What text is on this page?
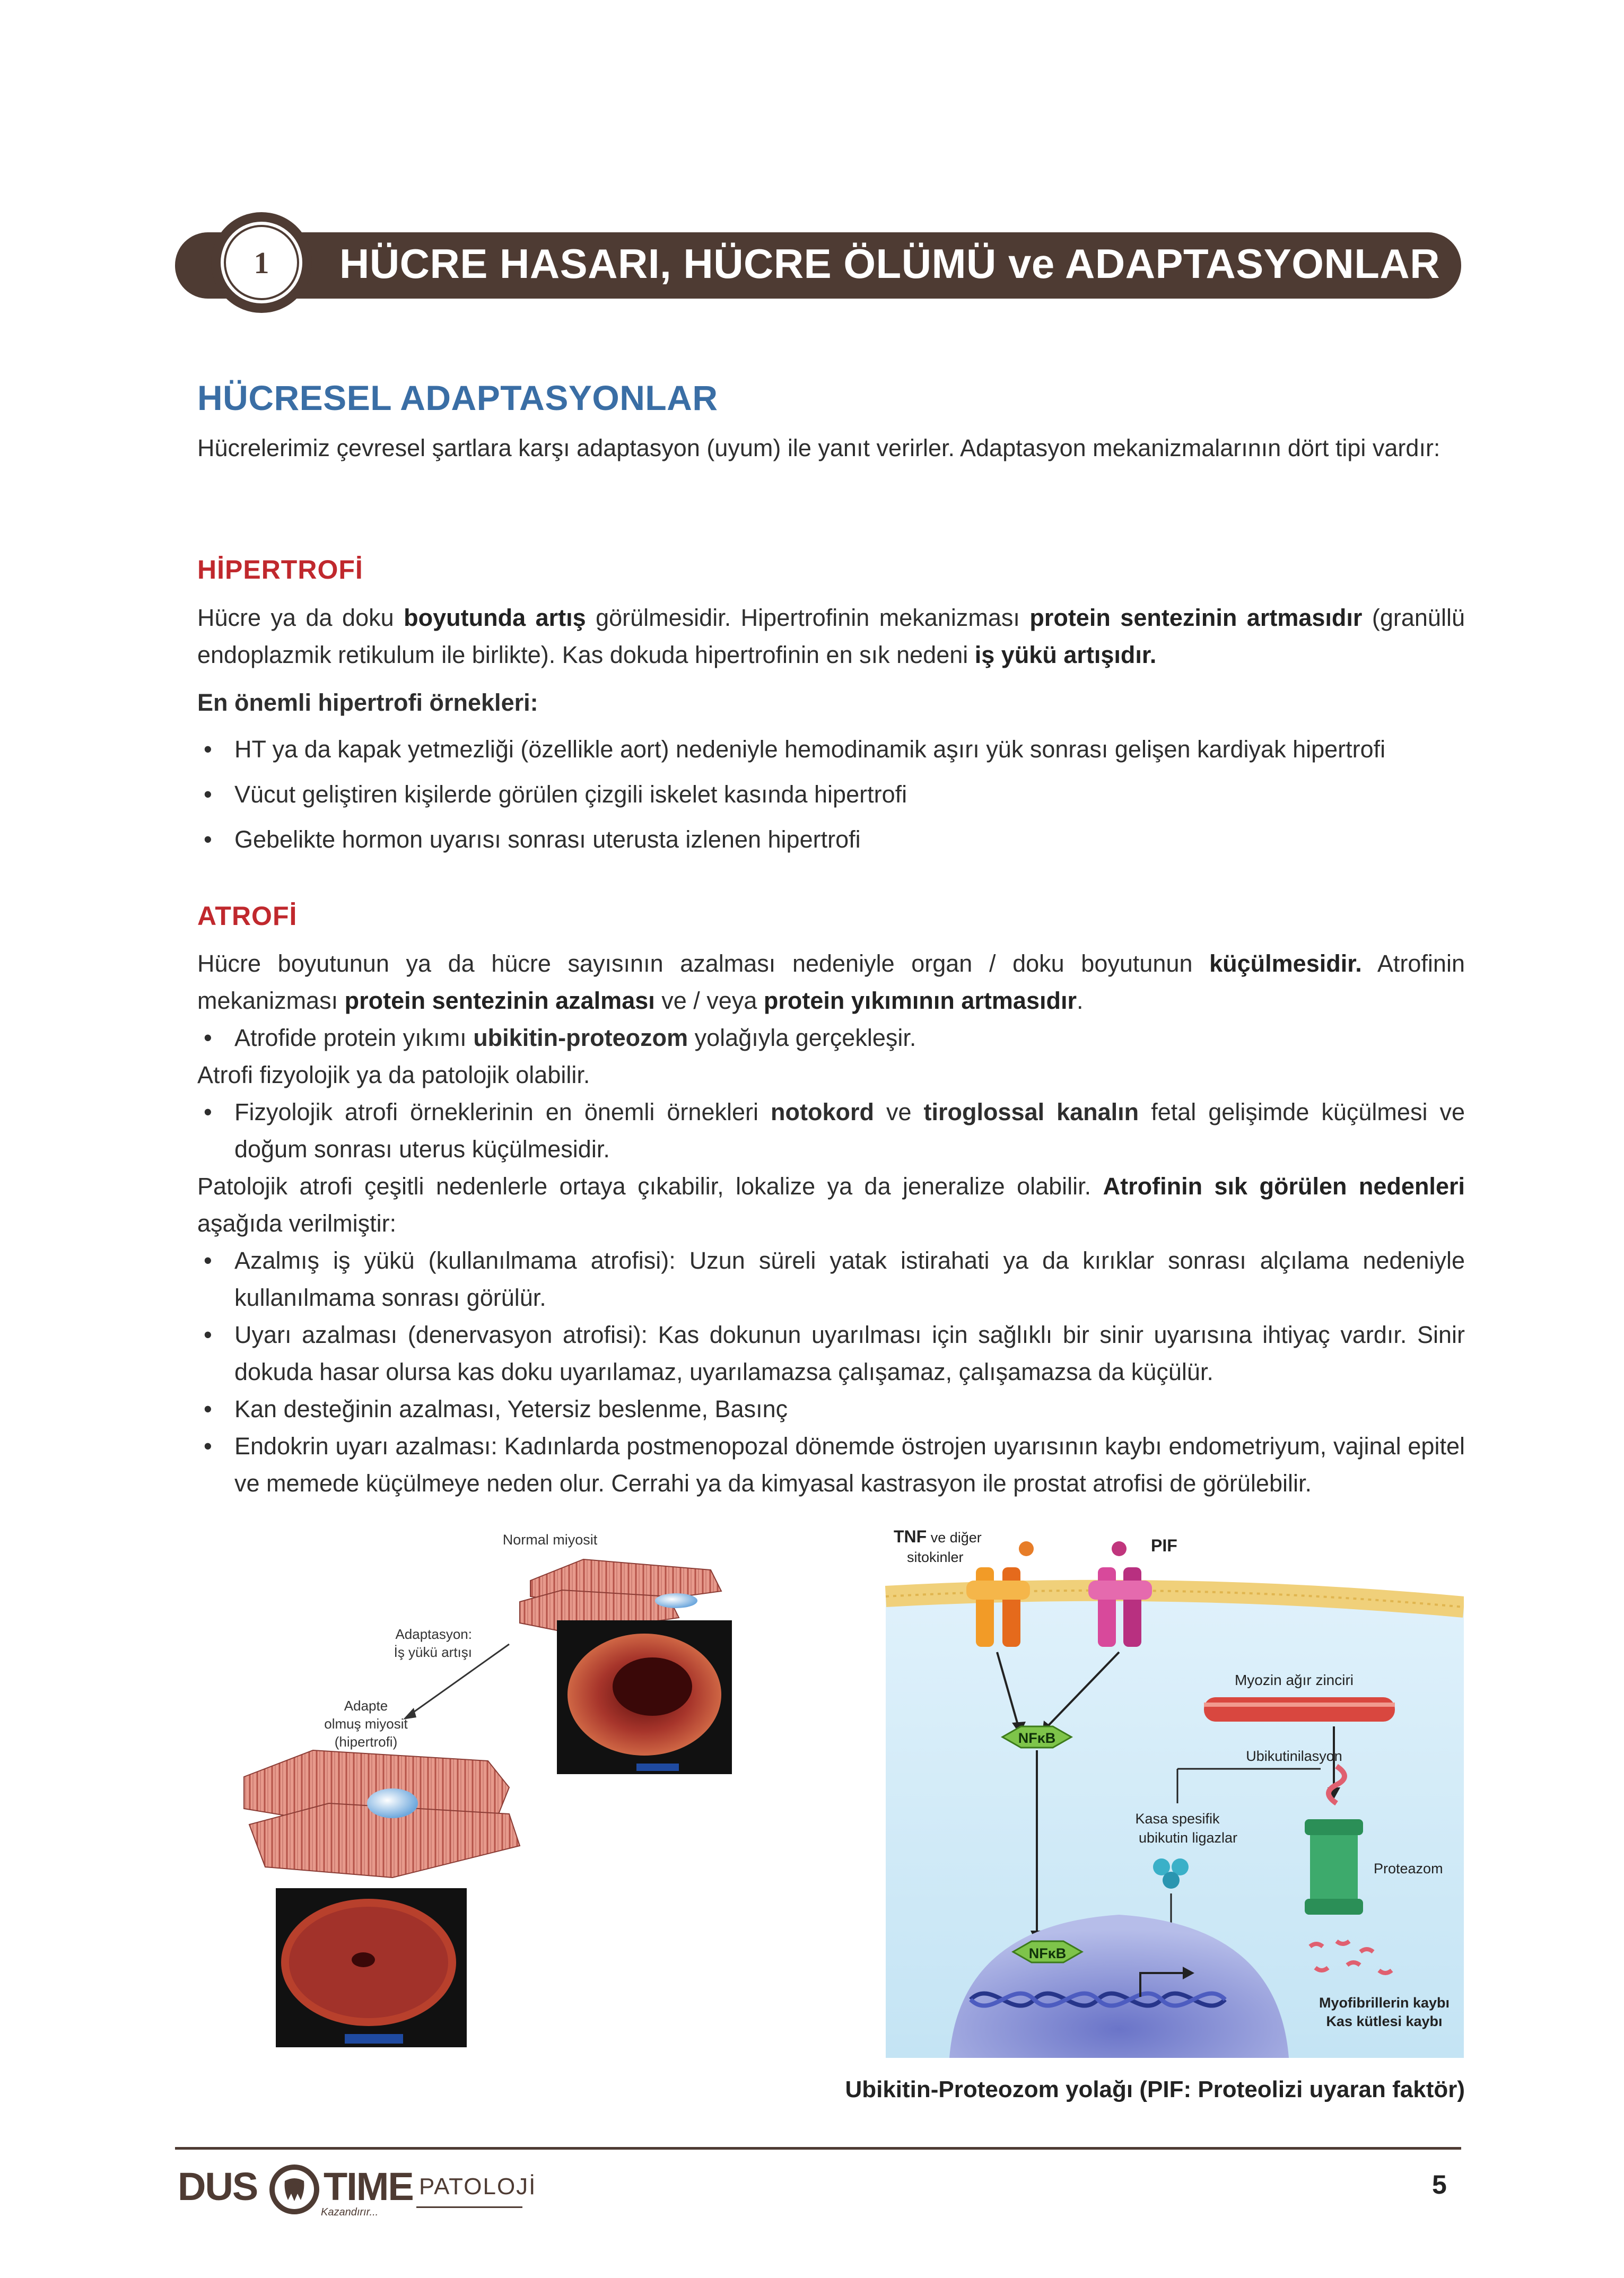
1 HÜCRE HASARI, HÜCRE ÖLÜMÜ ve ADAPTASYONLAR
HÜCRESEL ADAPTASYONLAR
Hücrelerimiz çevresel şartlara karşı adaptasyon (uyum) ile yanıt verirler. Adaptasyon mekanizmalarının dört tipi vardır:
HİPERTROFİ
Hücre ya da doku boyutunda artış görülmesidir. Hipertrofinin mekanizması protein sentezinin artmasıdır (granüllü endoplazmik retikulum ile birlikte). Kas dokuda hipertrofinin en sık nedeni iş yükü artışıdır.
En önemli hipertrofi örnekleri:
• HT ya da kapak yetmezliği (özellikle aort) nedeniyle hemodinamik aşırı yük sonrası gelişen kardiyak hipertrofi
• Vücut geliştiren kişilerde görülen çizgili iskelet kasında hipertrofi
• Gebelikte hormon uyarısı sonrası uterusta izlenen hipertrofi
ATROFİ
Hücre boyutunun ya da hücre sayısının azalması nedeniyle organ / doku boyutunun küçülmesidir. Atrofinin mekanizması protein sentezinin azalması ve / veya protein yıkımının artmasıdır.
• Atrofide protein yıkımı ubikitin-proteozom yolağıyla gerçekleşir.
Atrofi fizyolojik ya da patolojik olabilir.
• Fizyolojik atrofi örneklerinin en önemli örnekleri notokord ve tiroglossal kanalın fetal gelişimde küçülmesi ve doğum sonrası uterus küçülmesidir.
Patolojik atrofi çeşitli nedenlerle ortaya çıkabilir, lokalize ya da jeneralize olabilir. Atrofinin sık görülen nedenleri aşağıda verilmiştir:
• Azalmış iş yükü (kullanılmama atrofisi): Uzun süreli yatak istirahati ya da kırıklar sonrası alçılama nedeniyle kullanılmama sonrası görülür.
• Uyarı azalması (denervasyon atrofisi): Kas dokunun uyarılması için sağlıklı bir sinir uyarısına ihtiyaç vardır. Sinir dokuda hasar olursa kas doku uyarılamaz, uyarılamazsa çalışamaz, çalışamazsa da küçülür.
• Kan desteğinin azalması, Yetersiz beslenme, Basınç
• Endokrin uyarı azalması: Kadınlarda postmenopozal dönemde östrojen uyarısının kaybı endometriyum, vajinal epitel ve memede küçülmeye neden olur. Cerrahi ya da kimyasal kastrasyon ile prostat atrofisi de görülebilir.
Normal miyosit
Adaptasyon:
İş yükü artışı
Adapte
olmuş miyosit
(hipertrofi)
TNF ve diğer
sitokinler
PIF
NFκB
Myozin ağır zinciri
Ubikutinilasyon
Kasa spesifik
ubikutin ligazlar
Proteazom
Myofibrillerin kaybı
Kas kütlesi kaybı
NFκB
Ubikitin-Proteozom yolağı (PIF: Proteolizi uyaran faktör)
DUS TIME
Kazandırır...
PATOLOJİ	5
